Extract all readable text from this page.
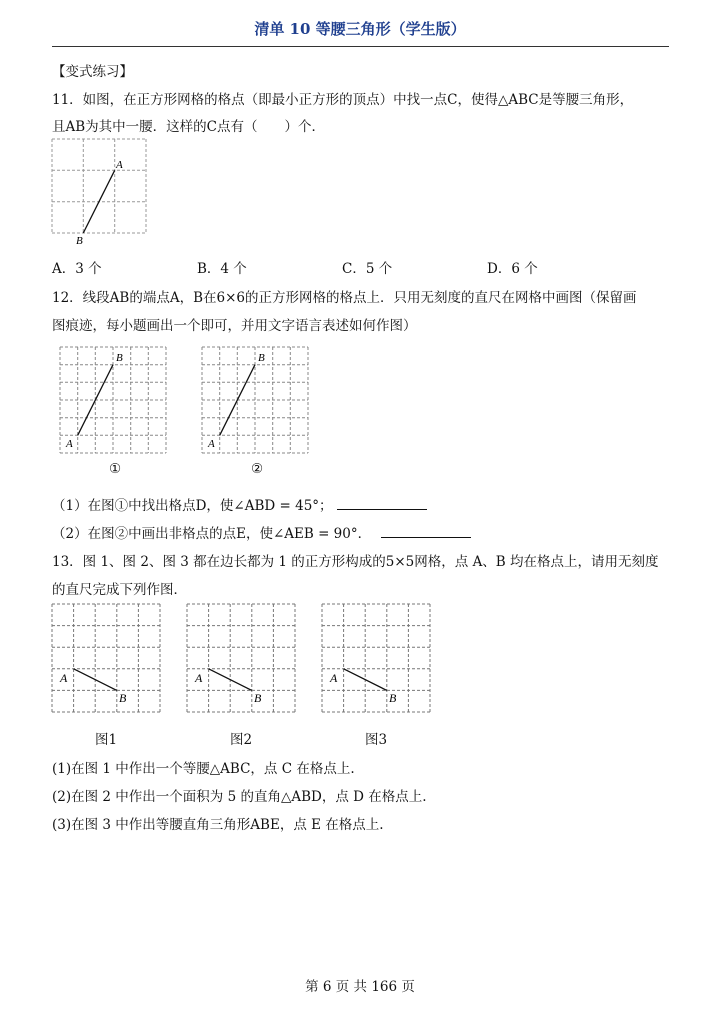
清单 10 等腰三角形（学生版）
【变式练习】
11．如图，在正方形网格的格点（即最小正方形的顶点）中找一点C，使得△ABC是等腰三角形，
且AB为其中一腰．这样的C点有（　　）个．
A
B
A．3 个	B．4 个	C．5 个	D．6 个
12．线段AB的端点A，B在6×6的正方形网格的格点上．只用无刻度的直尺在网格中画图（保留画
图痕迹，每小题画出一个即可，并用文字语言表述如何作图）
B
A
①
B
A
②
（1）在图①中找出格点D，使∠ABD = 45°；
（2）在图②中画出非格点的点E，使∠AEB = 90°．
13．图 1、图 2、图 3 都在边长都为 1 的正方形构成的5×5网格，点 A、B 均在格点上，请用无刻度
的直尺完成下列作图．
A
B
图1
A
B
图2
A
B
图3
(1)在图 1 中作出一个等腰△ABC，点 C 在格点上.
(2)在图 2 中作出一个面积为 5 的直角△ABD，点 D 在格点上.
(3)在图 3 中作出等腰直角三角形ABE，点 E 在格点上.
第 6 页 共 166 页
